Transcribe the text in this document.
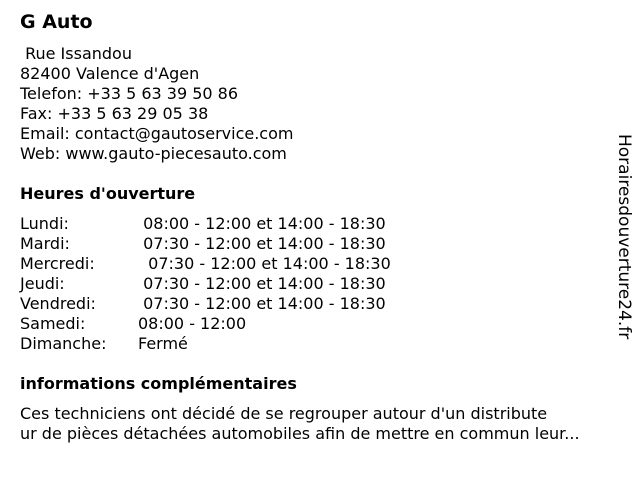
G Auto
Rue Issandou
82400 Valence d'Agen
Telefon: +33 5 63 39 50 86
Fax: +33 5 63 29 05 38
Email: contact@gautoservice.com
Web: www.gauto-piecesauto.com
Heures d'ouverture
Lundi:	08:00 - 12:00 et 14:00 - 18:30
Mardi:	07:30 - 12:00 et 14:00 - 18:30
Mercredi:	07:30 - 12:00 et 14:00 - 18:30
Jeudi:	07:30 - 12:00 et 14:00 - 18:30
Vendredi:	07:30 - 12:00 et 14:00 - 18:30
Samedi:	08:00 - 12:00
Dimanche:	Fermé
informations complémentaires
Ces techniciens ont décidé de se regrouper autour d'un distribute
ur de pièces détachées automobiles afin de mettre en commun leur...
Horairesdouverture24.fr
